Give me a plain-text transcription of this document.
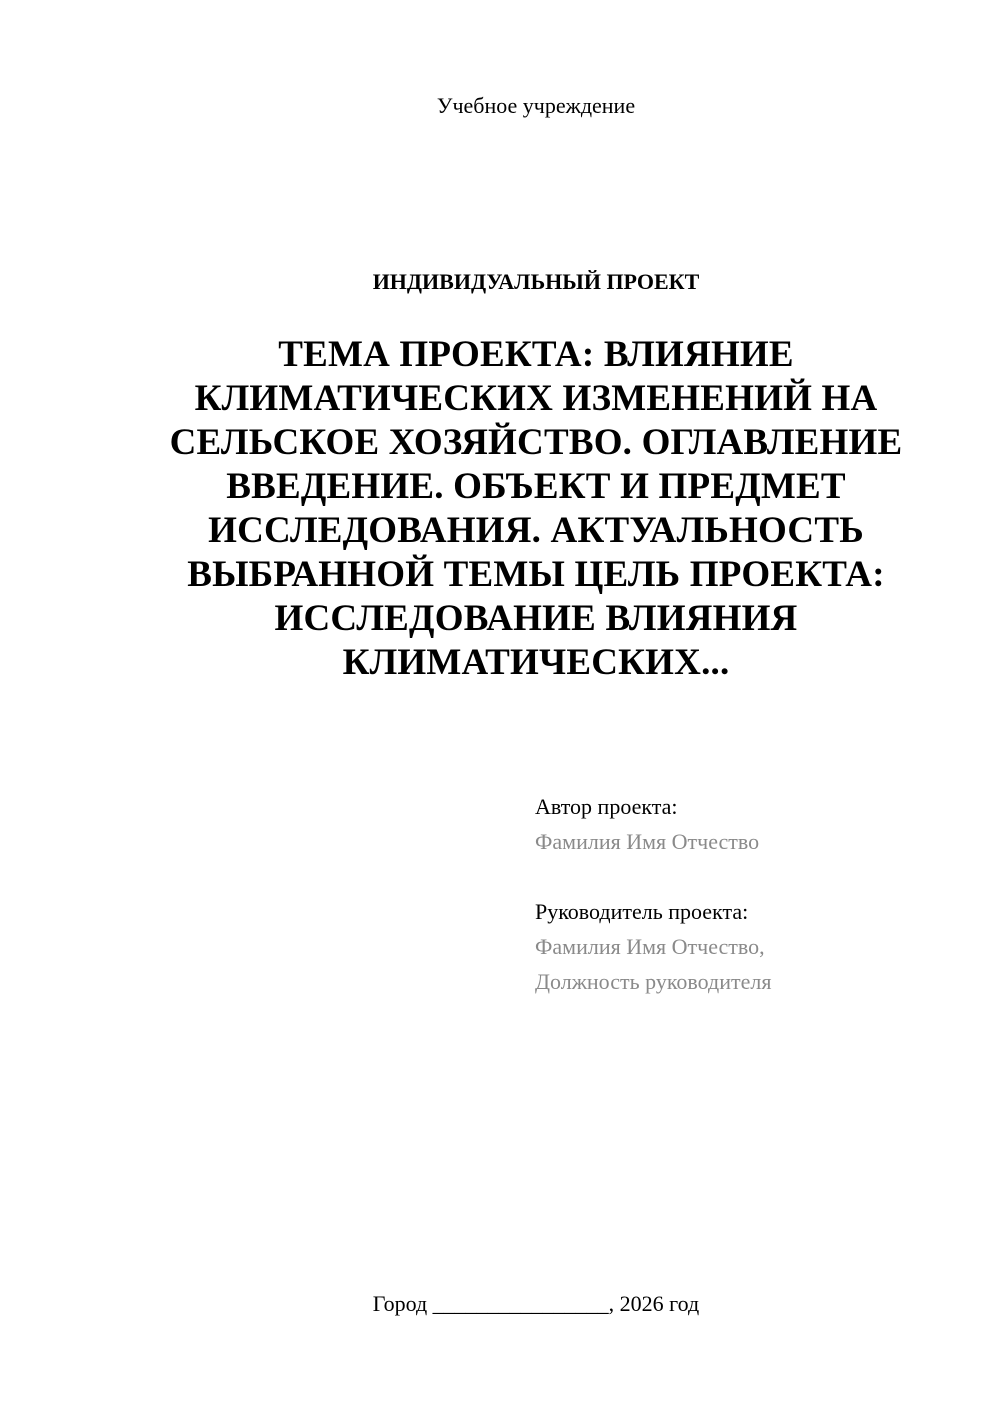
Учебное учреждение
ИНДИВИДУАЛЬНЫЙ ПРОЕКТ
ТЕМА ПРОЕКТА: ВЛИЯНИЕ КЛИМАТИЧЕСКИХ ИЗМЕНЕНИЙ НА СЕЛЬСКОЕ ХОЗЯЙСТВО. ОГЛАВЛЕНИЕ ВВЕДЕНИЕ. ОБЪЕКТ И ПРЕДМЕТ ИССЛЕДОВАНИЯ. АКТУАЛЬНОСТЬ ВЫБРАННОЙ ТЕМЫ ЦЕЛЬ ПРОЕКТА: ИССЛЕДОВАНИЕ ВЛИЯНИЯ КЛИМАТИЧЕСКИХ...
Автор проекта:
Фамилия Имя Отчество
Руководитель проекта:
Фамилия Имя Отчество,
Должность руководителя
Город ________________, 2026 год
